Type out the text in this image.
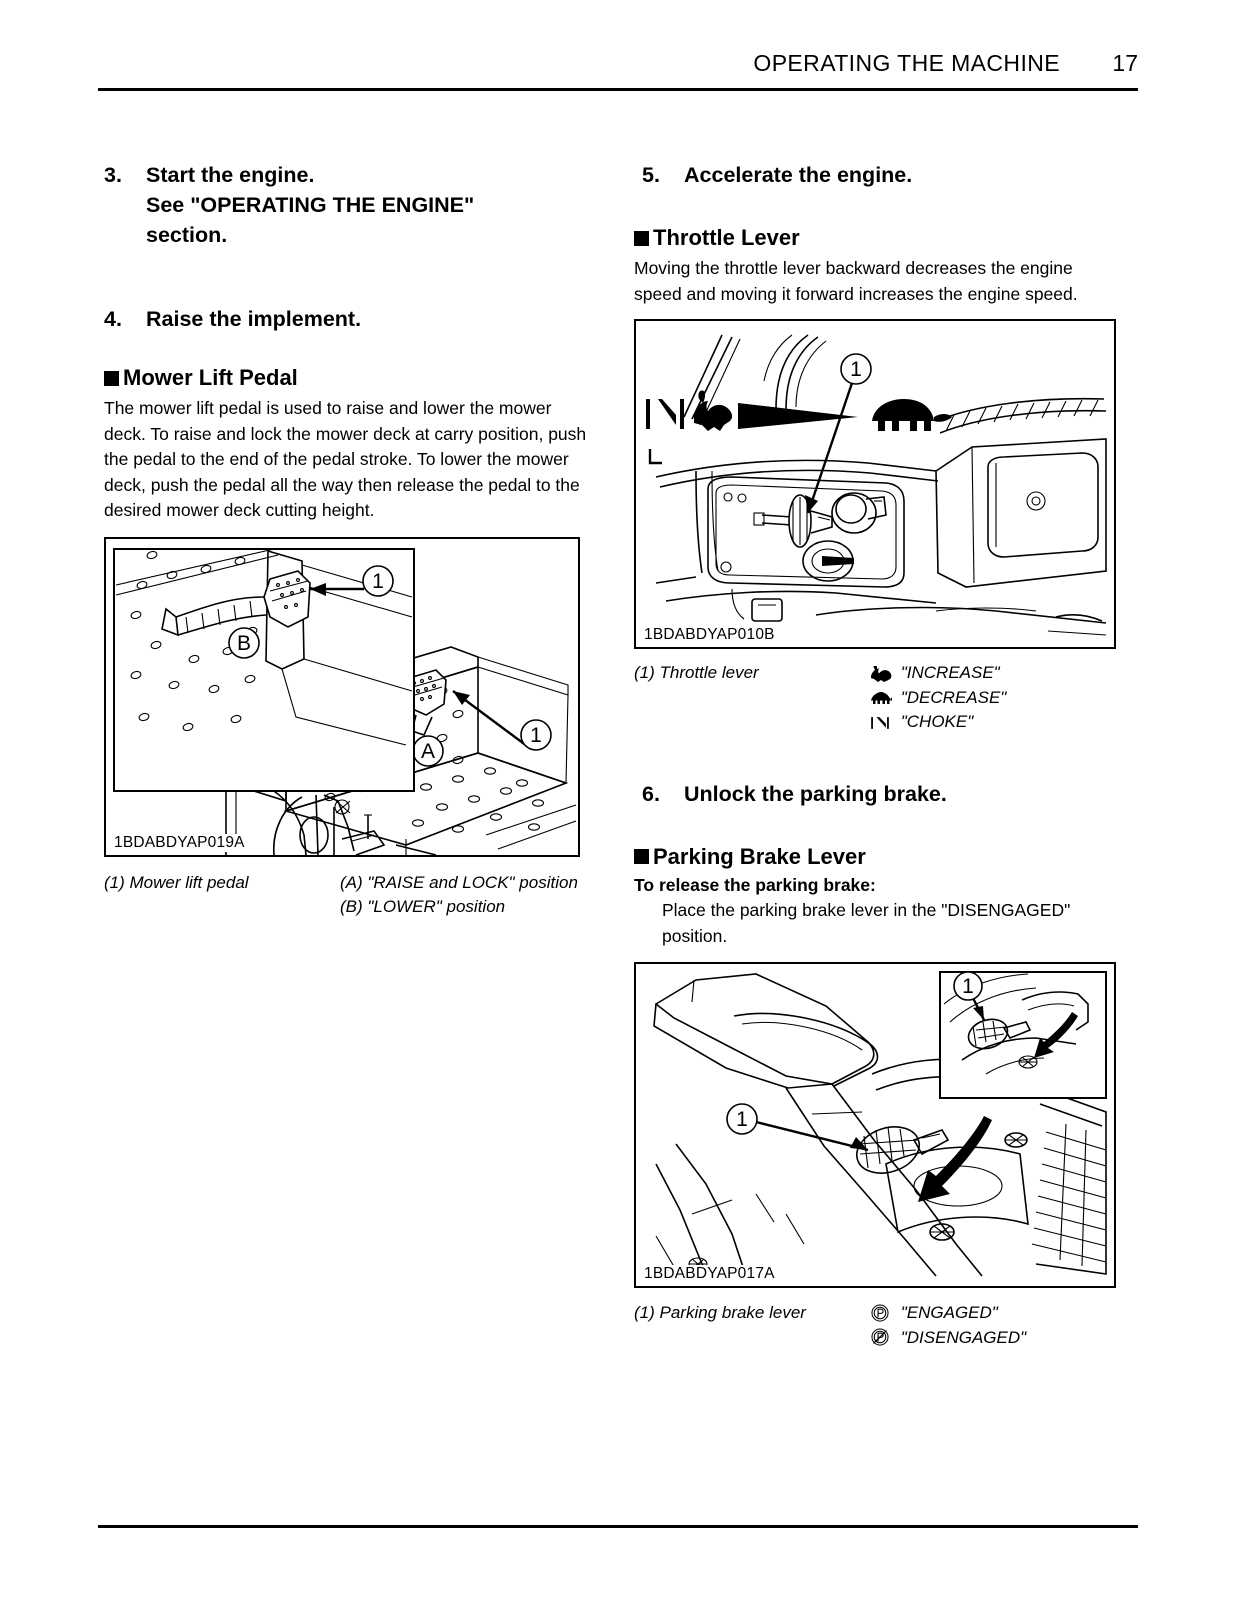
OPERATING THE MACHINE 17
3.	Start the engine.
See "OPERATING THE ENGINE"
section.
4.	Raise the implement.
Mower Lift Pedal
The mower lift pedal is used to raise and lower the mower deck. To raise and lock the mower deck at carry position, push the pedal to the end of the pedal stroke. To lower the mower deck, push the pedal all the way then release the pedal to the desired mower deck cutting height.
A
1
B
1
1BDABDYAP019A
(1) Mower lift pedal	(A) "RAISE and LOCK" position
(B) "LOWER" position
5.	Accelerate the engine.
Throttle Lever
Moving the throttle lever backward decreases the engine speed and moving it forward increases the engine speed.
1
1BDABDYAP010B
(1) Throttle lever	"INCREASE"
"DECREASE"
"CHOKE"
6.	Unlock the parking brake.
Parking Brake Lever
To release the parking brake:
Place the parking brake lever in the "DISENGAGED" position.
1
1
1BDABDYAP017A
(1) Parking brake lever	"ENGAGED"
"DISENGAGED"
